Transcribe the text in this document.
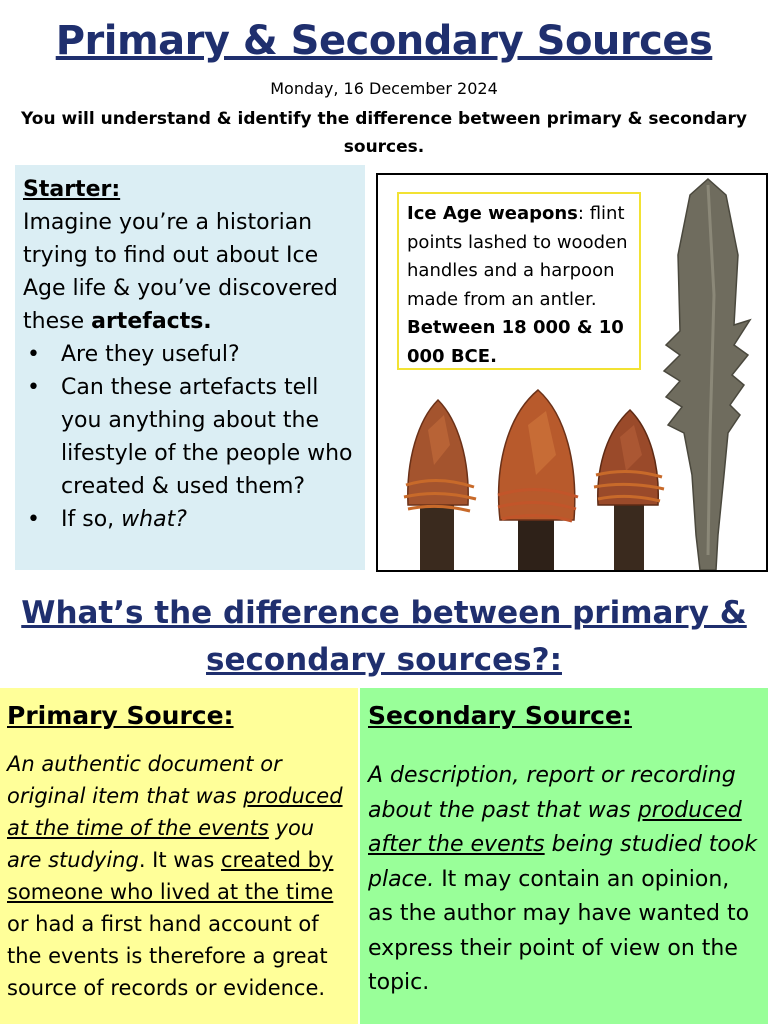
Primary & Secondary Sources
Monday, 16 December 2024
You will understand & identify the difference between primary & secondary sources.
Starter:
Imagine you’re a historian trying to find out about Ice Age life & you’ve discovered these artefacts.
• Are they useful?
• Can these artefacts tell you anything about the lifestyle of the people who created & used them?
• If so, what?
Ice Age weapons: flint points lashed to wooden handles and a harpoon made from an antler. Between 18 000 & 10 000 BCE.
What’s the difference between primary & secondary sources?:
Primary Source:
An authentic document or original item that was produced at the time of the events you are studying. It was created by someone who lived at the time or had a first hand account of the events is therefore a great source of records or evidence.
Secondary Source:
A description, report or recording about the past that was produced after the events being studied took place. It may contain an opinion, as the author may have wanted to express their point of view on the topic.
